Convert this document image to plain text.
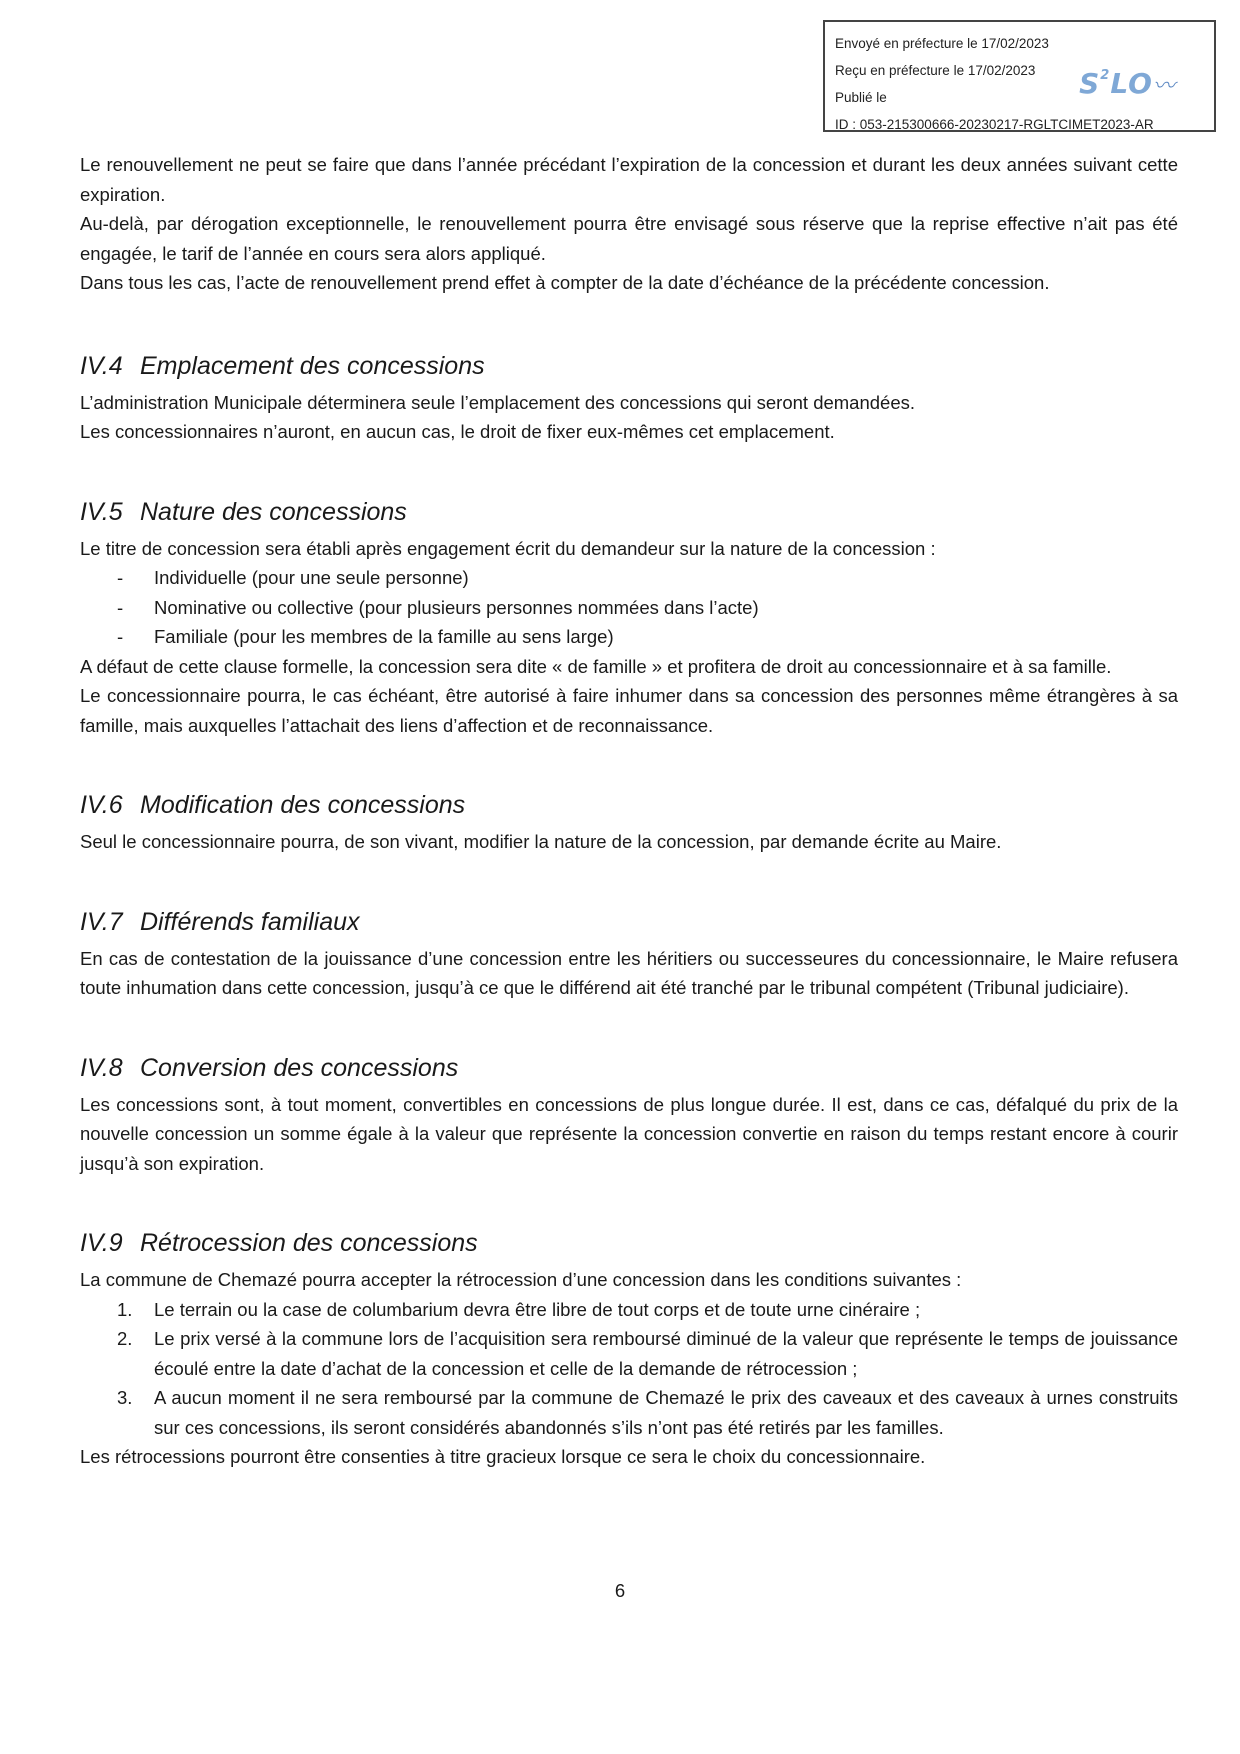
Envoyé en préfecture le 17/02/2023
Reçu en préfecture le 17/02/2023
Publié le
ID : 053-215300666-20230217-RGLTCIMET2023-AR
$S^2LO$〰

Le renouvellement ne peut se faire que dans l’année précédant l’expiration de la concession et durant les deux années suivant cette expiration.

Au-delà, par dérogation exceptionnelle, le renouvellement pourra être envisagé sous réserve que la reprise effective n’ait pas été engagée, le tarif de l’année en cours sera alors appliqué.

Dans tous les cas, l’acte de renouvellement prend effet à compter de la date d’échéance de la précédente concession.

IV.4 Emplacement des concessions

L’administration Municipale déterminera seule l’emplacement des concessions qui seront demandées.

Les concessionnaires n’auront, en aucun cas, le droit de fixer eux-mêmes cet emplacement.

IV.5 Nature des concessions

Le titre de concession sera établi après engagement écrit du demandeur sur la nature de la concession :

- Individuelle (pour une seule personne)
- Nominative ou collective (pour plusieurs personnes nommées dans l’acte)
- Familiale (pour les membres de la famille au sens large)

A défaut de cette clause formelle, la concession sera dite « de famille » et profitera de droit au concessionnaire et à sa famille.

Le concessionnaire pourra, le cas échéant, être autorisé à faire inhumer dans sa concession des personnes même étrangères à sa famille, mais auxquelles l’attachait des liens d’affection et de reconnaissance.

IV.6 Modification des concessions

Seul le concessionnaire pourra, de son vivant, modifier la nature de la concession, par demande écrite au Maire.

IV.7 Différends familiaux

En cas de contestation de la jouissance d’une concession entre les héritiers ou successeures du concessionnaire, le Maire refusera toute inhumation dans cette concession, jusqu’à ce que le différend ait été tranché par le tribunal compétent (Tribunal judiciaire).

IV.8 Conversion des concessions

Les concessions sont, à tout moment, convertibles en concessions de plus longue durée. Il est, dans ce cas, défalqué du prix de la nouvelle concession un somme égale à la valeur que représente la concession convertie en raison du temps restant encore à courir jusqu’à son expiration.

IV.9 Rétrocession des concessions

La commune de Chemazé pourra accepter la rétrocession d’une concession dans les conditions suivantes :

1. Le terrain ou la case de columbarium devra être libre de tout corps et de toute urne cinéraire ;
2. Le prix versé à la commune lors de l’acquisition sera remboursé diminué de la valeur que représente le temps de jouissance écoulé entre la date d’achat de la concession et celle de la demande de rétrocession ;
3. A aucun moment il ne sera remboursé par la commune de Chemazé le prix des caveaux et des caveaux à urnes construits sur ces concessions, ils seront considérés abandonnés s’ils n’ont pas été retirés par les familles.

Les rétrocessions pourront être consenties à titre gracieux lorsque ce sera le choix du concessionnaire.

6
